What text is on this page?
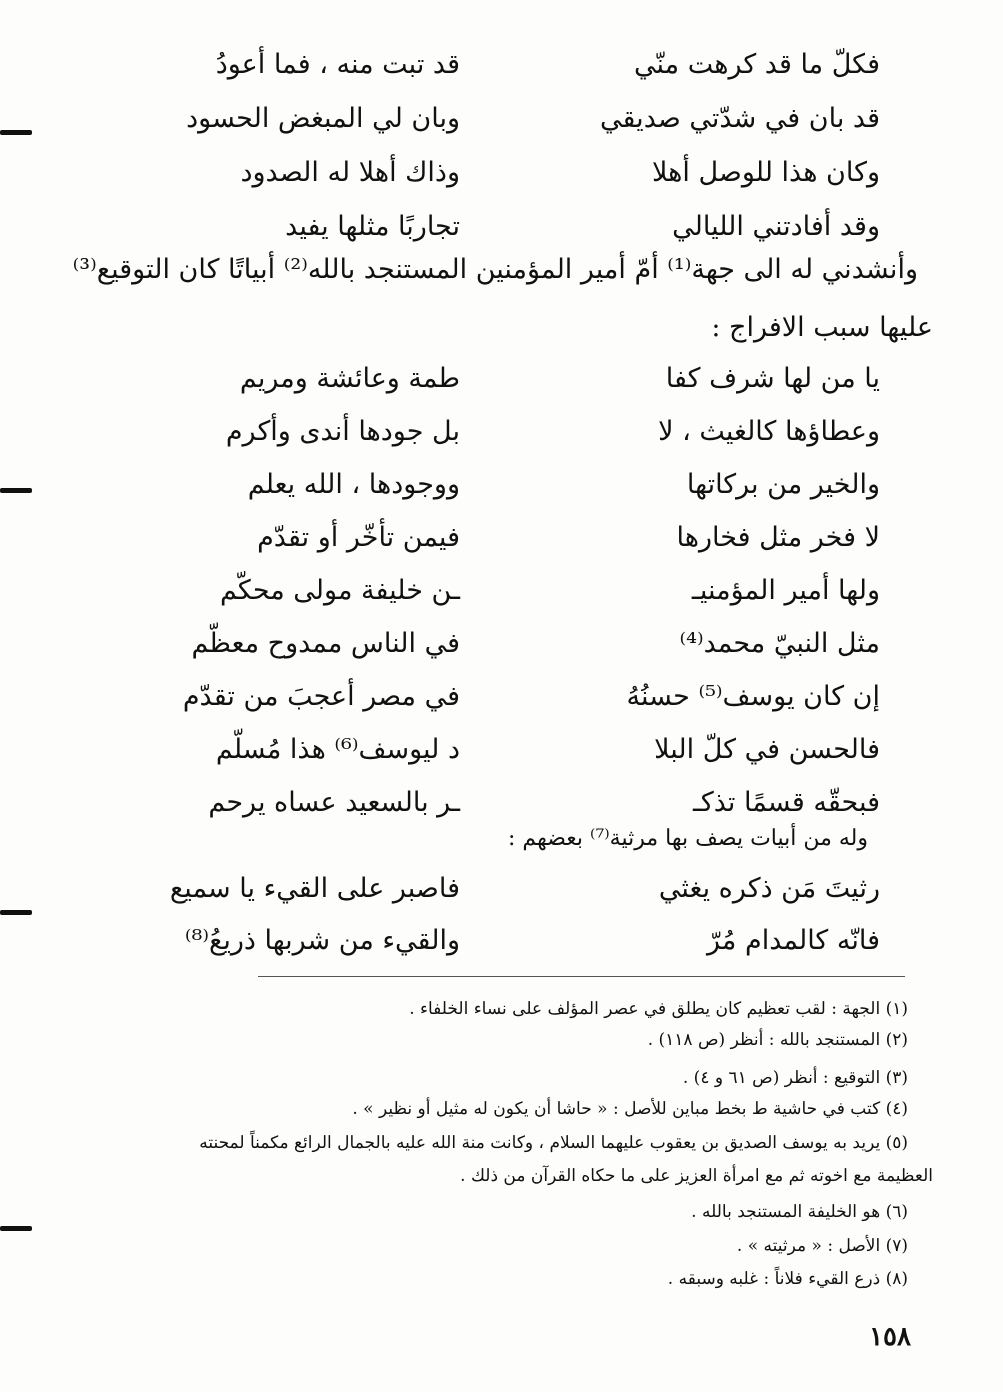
فكلّ ما قد كرهت منّي
قد تبت منه ، فما أعودُ
قد بان في شدّتي صديقي
وبان لي المبغض الحسود
وكان هذا للوصل أهلا
وذاك أهلا له الصدود
وقد أفادتني الليالي
تجاربًا مثلها يفيد
وأنشدني له الى جهة⁽¹⁾ أمّ أمير المؤمنين المستنجد بالله⁽²⁾ أبياتًا كان التوقيع⁽³⁾
عليها سبب الافراج :
يا من لها شرف كفا
طمة وعائشة ومريم
وعطاؤها كالغيث ، لا
بل جودها أندى وأكرم
والخير من بركاتها
ووجودها ، الله يعلم
لا فخر مثل فخارها
فيمن تأخّر أو تقدّم
ولها أمير المؤمنيـ
ـن خليفة مولى محكّم
مثل النبيّ محمد⁽⁴⁾
في الناس ممدوح معظّم
إن كان يوسف⁽⁵⁾ حسنُهُ
في مصر أعجبَ من تقدّم
فالحسن في كلّ البلا
د ليوسف⁽⁶⁾ هذا مُسلّم
فبحقّه قسمًا تذكـ
ـر بالسعيد عساه يرحم
وله من أبيات يصف بها مرثية⁽⁷⁾ بعضهم :
رثيتَ مَن ذكره يغثي
فاصبر على القيء يا سميع
فانّه كالمدام مُرّ
والقيء من شربها ذريعُ⁽⁸⁾
(١) الجهة : لقب تعظيم كان يطلق في عصر المؤلف على نساء الخلفاء .
(٢) المستنجد بالله : أنظر (ص ١١٨) .
(٣) التوقيع : أنظر (ص ٦١ و ٤) .
(٤) كتب في حاشية ط بخط مباين للأصل : « حاشا أن يكون له مثيل أو نظير » .
(٥) يريد به يوسف الصديق بن يعقوب عليهما السلام ، وكانت منة الله عليه بالجمال الرائع مكمناً لمحنته
العظيمة مع اخوته ثم مع امرأة العزيز على ما حكاه القرآن من ذلك .
(٦) هو الخليفة المستنجد بالله .
(٧) الأصل : « مرثيته » .
(٨) ذرع القيء فلاناً : غلبه وسبقه .
١٥٨
